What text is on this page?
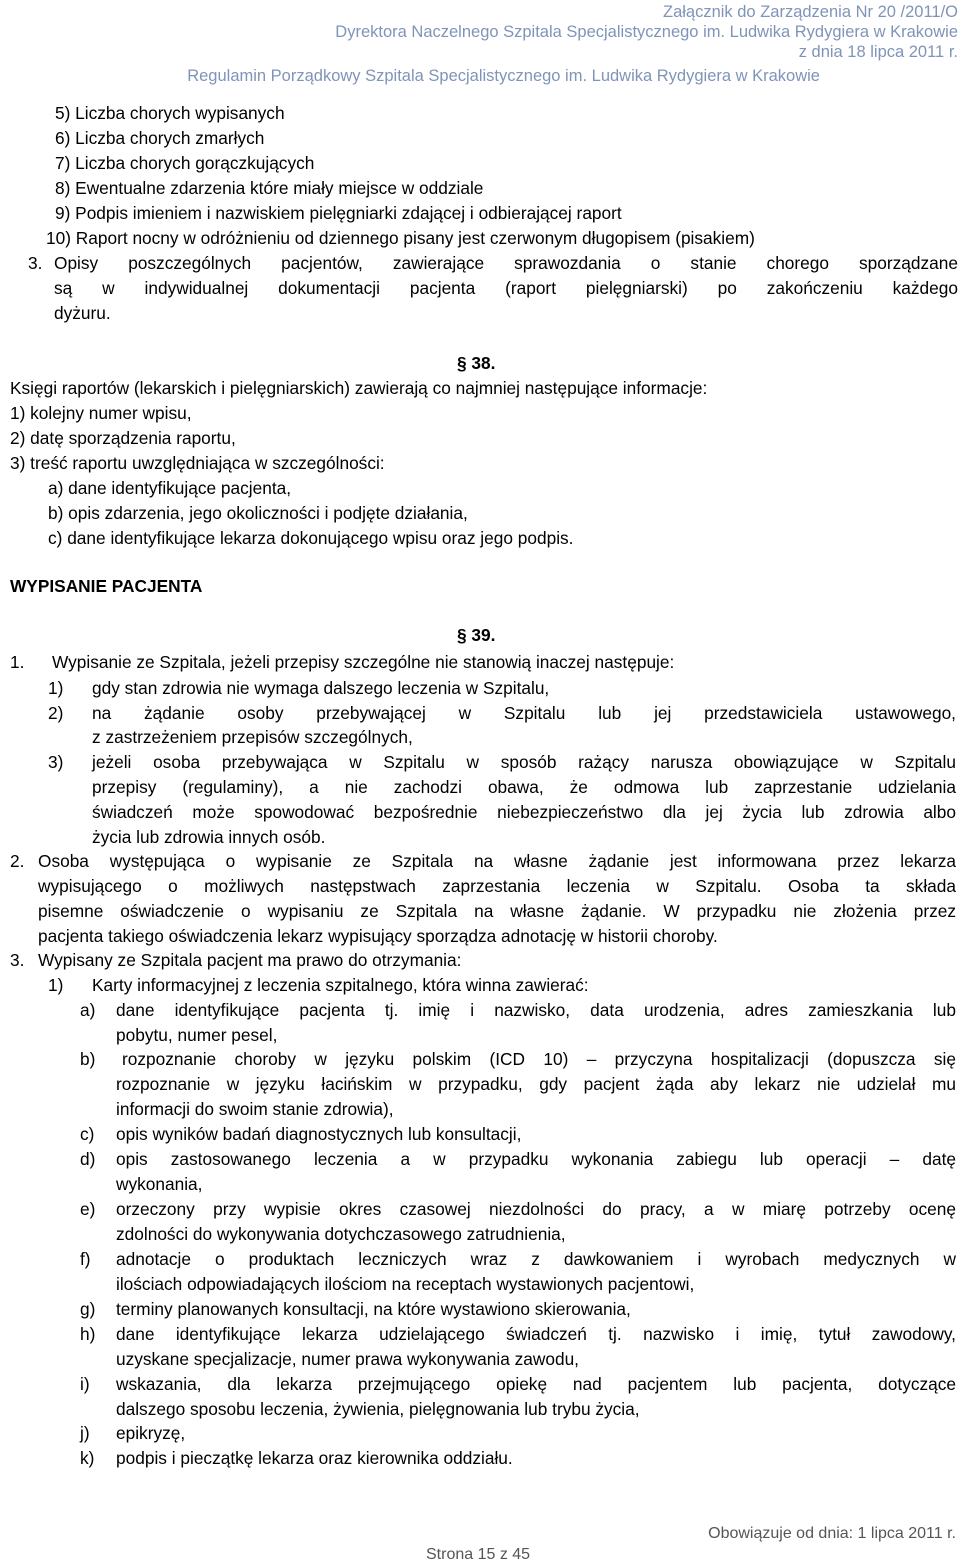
Załącznik do Zarządzenia Nr 20 /2011/O
Dyrektora Naczelnego Szpitala Specjalistycznego im. Ludwika Rydygiera w Krakowie
z dnia 18 lipca 2011 r.
Regulamin Porządkowy Szpitala Specjalistycznego im. Ludwika Rydygiera w Krakowie
5) Liczba chorych wypisanych
6) Liczba chorych zmarłych
7) Liczba chorych gorączkujących
8) Ewentualne zdarzenia które miały miejsce w oddziale
9) Podpis imieniem i nazwiskiem pielęgniarki zdającej i odbierającej raport
10) Raport nocny w odróżnieniu od dziennego pisany jest czerwonym długopisem (pisakiem)
3. Opisy poszczególnych pacjentów, zawierające sprawozdania o stanie chorego sporządzane
są w indywidualnej dokumentacji pacjenta (raport pielęgniarski) po zakończeniu każdego
dyżuru.
§ 38.
Księgi raportów (lekarskich i pielęgniarskich) zawierają co najmniej następujące informacje:
1) kolejny numer wpisu,
2) datę sporządzenia raportu,
3) treść raportu uwzględniająca w szczególności:
a) dane identyfikujące pacjenta,
b) opis zdarzenia, jego okoliczności i podjęte działania,
c) dane identyfikujące lekarza dokonującego wpisu oraz jego podpis.
WYPISANIE PACJENTA
§ 39.
1. Wypisanie ze Szpitala, jeżeli przepisy szczególne nie stanowią inaczej następuje:
1) gdy stan zdrowia nie wymaga dalszego leczenia w Szpitalu,
2) na żądanie osoby przebywającej w Szpitalu lub jej przedstawiciela ustawowego,
z zastrzeżeniem przepisów szczególnych,
3) jeżeli osoba przebywająca w Szpitalu w sposób rażący narusza obowiązujące w Szpitalu
przepisy (regulaminy), a nie zachodzi obawa, że odmowa lub zaprzestanie udzielania
świadczeń może spowodować bezpośrednie niebezpieczeństwo dla jej życia lub zdrowia albo
życia lub zdrowia innych osób.
2. Osoba występująca o wypisanie ze Szpitala na własne żądanie jest informowana przez lekarza
wypisującego o możliwych następstwach zaprzestania leczenia w Szpitalu. Osoba ta składa
pisemne oświadczenie o wypisaniu ze Szpitala na własne żądanie. W przypadku nie złożenia przez
pacjenta takiego oświadczenia lekarz wypisujący sporządza adnotację w historii choroby.
3. Wypisany ze Szpitala pacjent ma prawo do otrzymania:
1) Karty informacyjnej z leczenia szpitalnego, która winna zawierać:
a) dane identyfikujące pacjenta tj. imię i nazwisko, data urodzenia, adres zamieszkania lub
pobytu, numer pesel,
b) rozpoznanie choroby w języku polskim (ICD 10) – przyczyna hospitalizacji (dopuszcza się
rozpoznanie w języku łacińskim w przypadku, gdy pacjent żąda aby lekarz nie udzielał mu
informacji do swoim stanie zdrowia),
c) opis wyników badań diagnostycznych lub konsultacji,
d) opis zastosowanego leczenia a w przypadku wykonania zabiegu lub operacji – datę
wykonania,
e) orzeczony przy wypisie okres czasowej niezdolności do pracy, a w miarę potrzeby ocenę
zdolności do wykonywania dotychczasowego zatrudnienia,
f) adnotacje o produktach leczniczych wraz z dawkowaniem i wyrobach medycznych w
ilościach odpowiadających ilościom na receptach wystawionych pacjentowi,
g) terminy planowanych konsultacji, na które wystawiono skierowania,
h) dane identyfikujące lekarza udzielającego świadczeń tj. nazwisko i imię, tytuł zawodowy,
uzyskane specjalizacje, numer prawa wykonywania zawodu,
i) wskazania, dla lekarza przejmującego opiekę nad pacjentem lub pacjenta, dotyczące
dalszego sposobu leczenia, żywienia, pielęgnowania lub trybu życia,
j) epikryzę,
k) podpis i pieczątkę lekarza oraz kierownika oddziału.
Obowiązuje od dnia: 1 lipca 2011 r.
Strona 15 z 45
